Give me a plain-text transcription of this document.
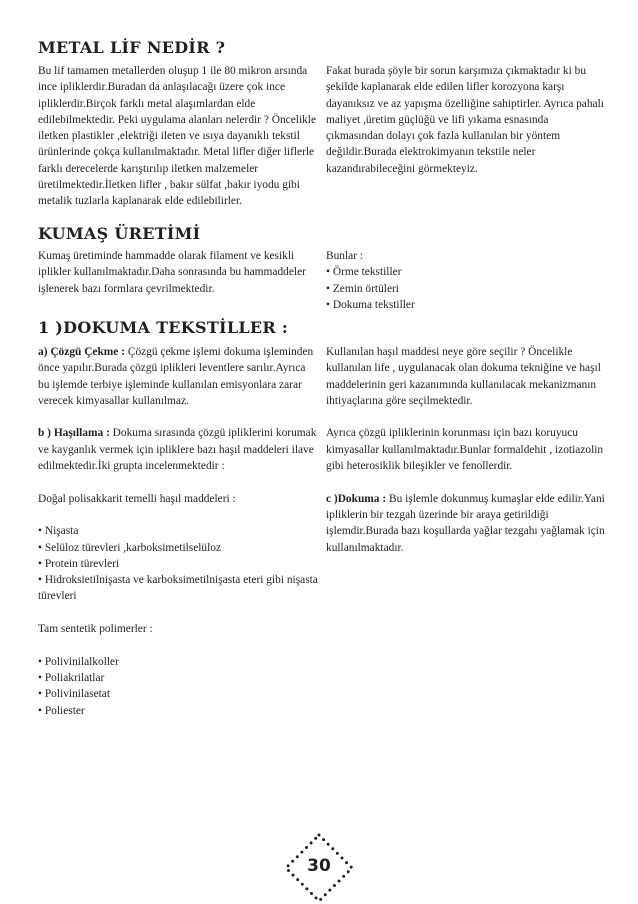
METAL LİF NEDİR ?

Bu lif tamamen metallerden oluşup 1 ile 80 mikron arsında ince ipliklerdir.Buradan da anlaşılacağı üzere çok ince ipliklerdir.Birçok farklı metal alaşımlardan elde edilebilmektedir. Peki uygulama alanları nelerdir ? Öncelikle iletken plastikler ,elektriği ileten ve ısıya dayanıklı tekstil ürünlerinde çokça kullanılmaktadır. Metal lifler diğer liflerle farklı derecelerde karıştırılıp iletken malzemeler üretilmektedir.İletken lifler , bakır sülfat ,bakır iyodu gibi metalik tuzlarla kaplanarak elde edilebilirler.

Fakat burada şöyle bir sorun karşımıza çıkmaktadır ki bu şekilde kaplanarak elde edilen lifler korozyona karşı dayanıksız ve az yapışma özelliğine sahiptirler. Ayrıca pahalı maliyet ,üretim güçlüğü ve lifi yıkama esnasında çıkmasından dolayı çok fazla kullanılan bir yöntem değildir.Burada elektrokimyanın tekstile neler kazandırabileceğini görmekteyiz.

KUMAŞ ÜRETİMİ

Kumaş üretiminde hammadde olarak filament ve kesikli iplikler kullanılmaktadır.Daha sonrasında bu hammaddeler işlenerek bazı formlara çevrilmektedir.

Bunlar :

• Örme tekstiller
• Zemin örtüleri
• Dokuma tekstiller
1 )DOKUMA TEKSTİLLER :

a) Çözgü Çekme : Çözgü çekme işlemi dokuma işleminden önce yapılır.Burada çözgü iplikleri leventlere sarılır.Ayrıca bu işlemde terbiye işleminde kullanılan emisyonlara zarar verecek kimyasallar kullanılmaz.

b ) Haşıllama : Dokuma sırasında çözgü ipliklerini korumak ve kayganlık vermek için ipliklere bazı haşıl maddeleri ilave edilmektedir.İki grupta incelenmektedir :

Doğal polisakkarit temelli haşıl maddeleri :

• Nişasta
• Selüloz türevleri ,karboksimetilselülоz
• Protein türevleri
• Hidroksietilnişasta ve karboksimetilnişasta eteri gibi nişasta türevleri

Tam sentetik polimerler :

• Polivinilalkoller
• Poliakrilatlar
• Polivinilasetat
• Poliester

Kullanılan haşıl maddesi neye göre seçilir ? Öncelikle kullanılan life , uygulanacak olan dokuma tekniğine ve haşıl maddelerinin geri kazanımında kullanılacak mekanizmanın ihtiyaçlarına göre seçilmektedir.

Ayrıca çözgü ipliklerinin korunması için bazı koruyucu kimyasallar kullanılmaktadır.Bunlar formaldehit , izotiazolin gibi heterosiklik bileşikler ve fenollerdir.

c )Dokuma : Bu işlemle dokunmuş kumaşlar elde edilir.Yani ipliklerin bir tezgah üzerinde bir araya getirildiği işlemdir.Burada bazı koşullarda yağlar tezgahı yağlamak için kullanılmaktadır.

30
